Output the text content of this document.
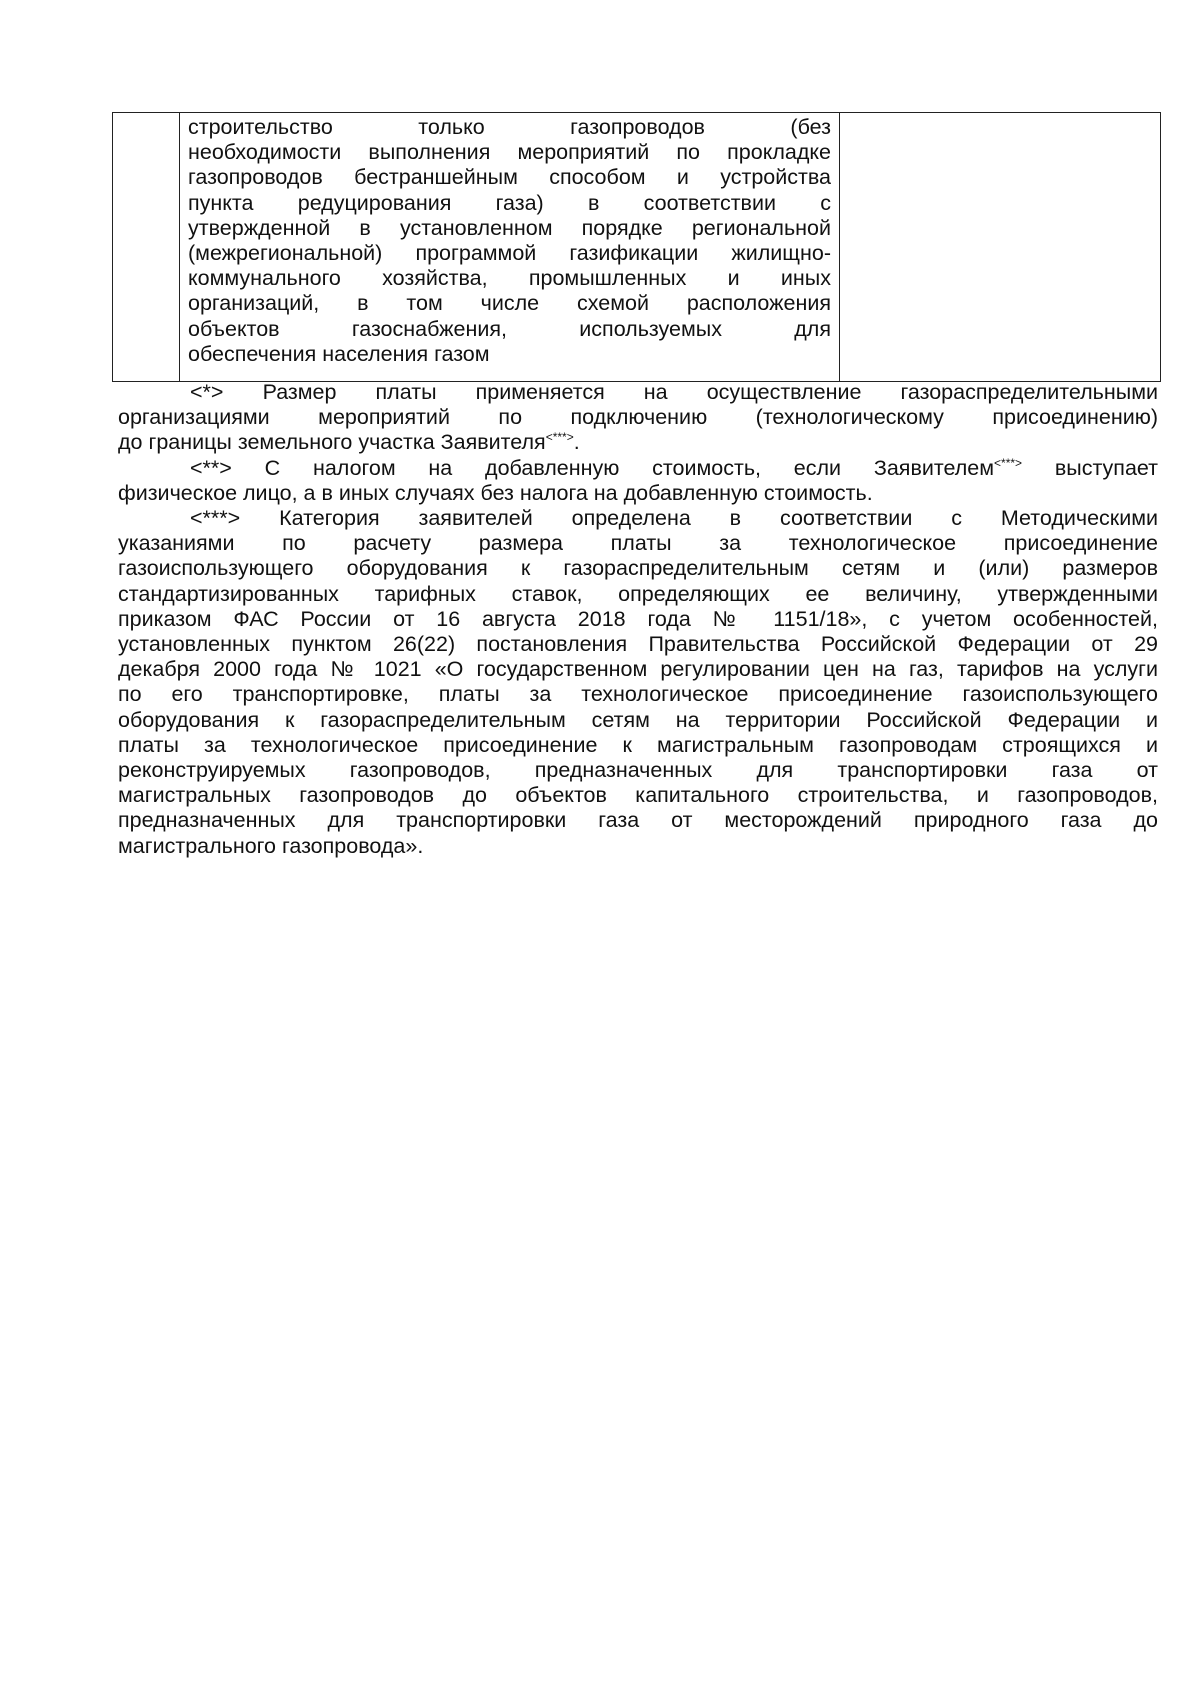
строительство только газопроводов (без
необходимости выполнения мероприятий по прокладке
газопроводов бестраншейным способом и устройства
пункта редуцирования газа) в соответствии с
утвержденной в установленном порядке региональной
(межрегиональной) программой газификации жилищно-
коммунального хозяйства, промышленных и иных
организаций, в том числе схемой расположения
объектов газоснабжения, используемых для
обеспечения населения газом

<*> Размер платы применяется на осуществление газораспределительными
организациями мероприятий по подключению (технологическому присоединению)
до границы земельного участка Заявителя<***>.
<**> С налогом на добавленную стоимость, если Заявителем<***> выступает
физическое лицо, а в иных случаях без налога на добавленную стоимость.
<***> Категория заявителей определена в соответствии с Методическими
указаниями по расчету размера платы за технологическое присоединение
газоиспользующего оборудования к газораспределительным сетям и (или) размеров
стандартизированных тарифных ставок, определяющих ее величину, утвержденными
приказом ФАС России от 16 августа 2018 года № 1151/18», с учетом особенностей,
установленных пунктом 26(22) постановления Правительства Российской Федерации от 29
декабря 2000 года № 1021 «О государственном регулировании цен на газ, тарифов на услуги
по его транспортировке, платы за технологическое присоединение газоиспользующего
оборудования к газораспределительным сетям на территории Российской Федерации и
платы за технологическое присоединение к магистральным газопроводам строящихся и
реконструируемых газопроводов, предназначенных для транспортировки газа от
магистральных газопроводов до объектов капитального строительства, и газопроводов,
предназначенных для транспортировки газа от месторождений природного газа до
магистрального газопровода».
